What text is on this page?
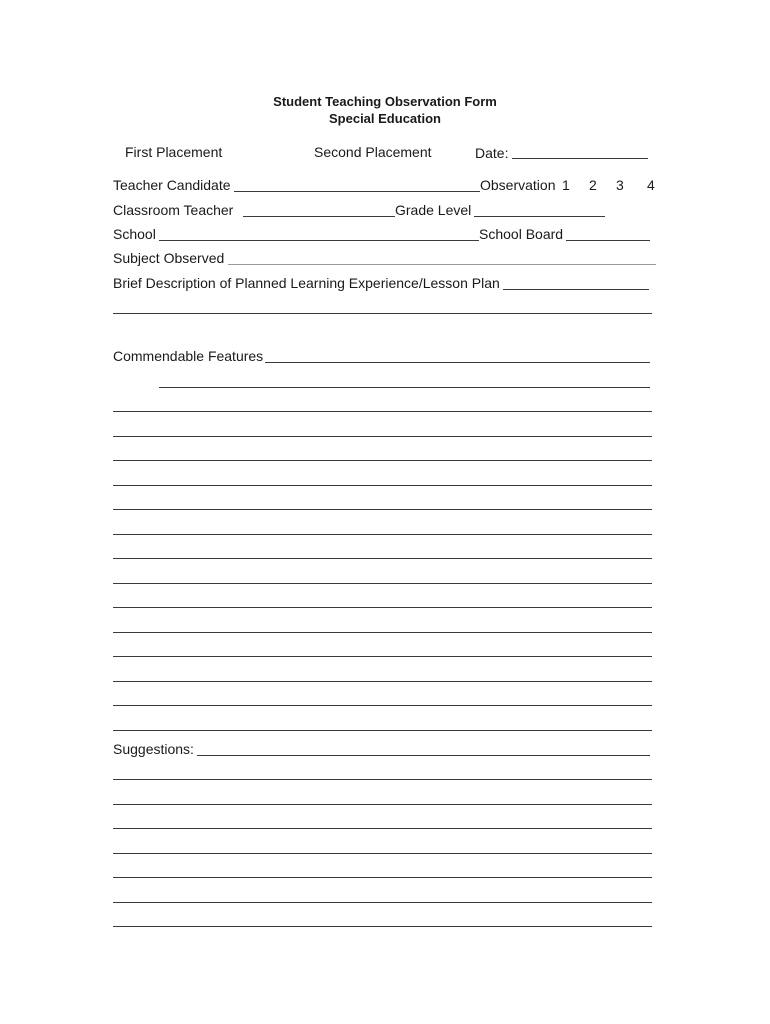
Student Teaching Observation Form
Special Education
First Placement	Second Placement	Date:
Teacher Candidate	Observation 1 2 3 4
Classroom Teacher	Grade Level
School	School Board
Subject Observed
Brief Description of Planned Learning Experience/Lesson Plan
Commendable Features
Suggestions:
